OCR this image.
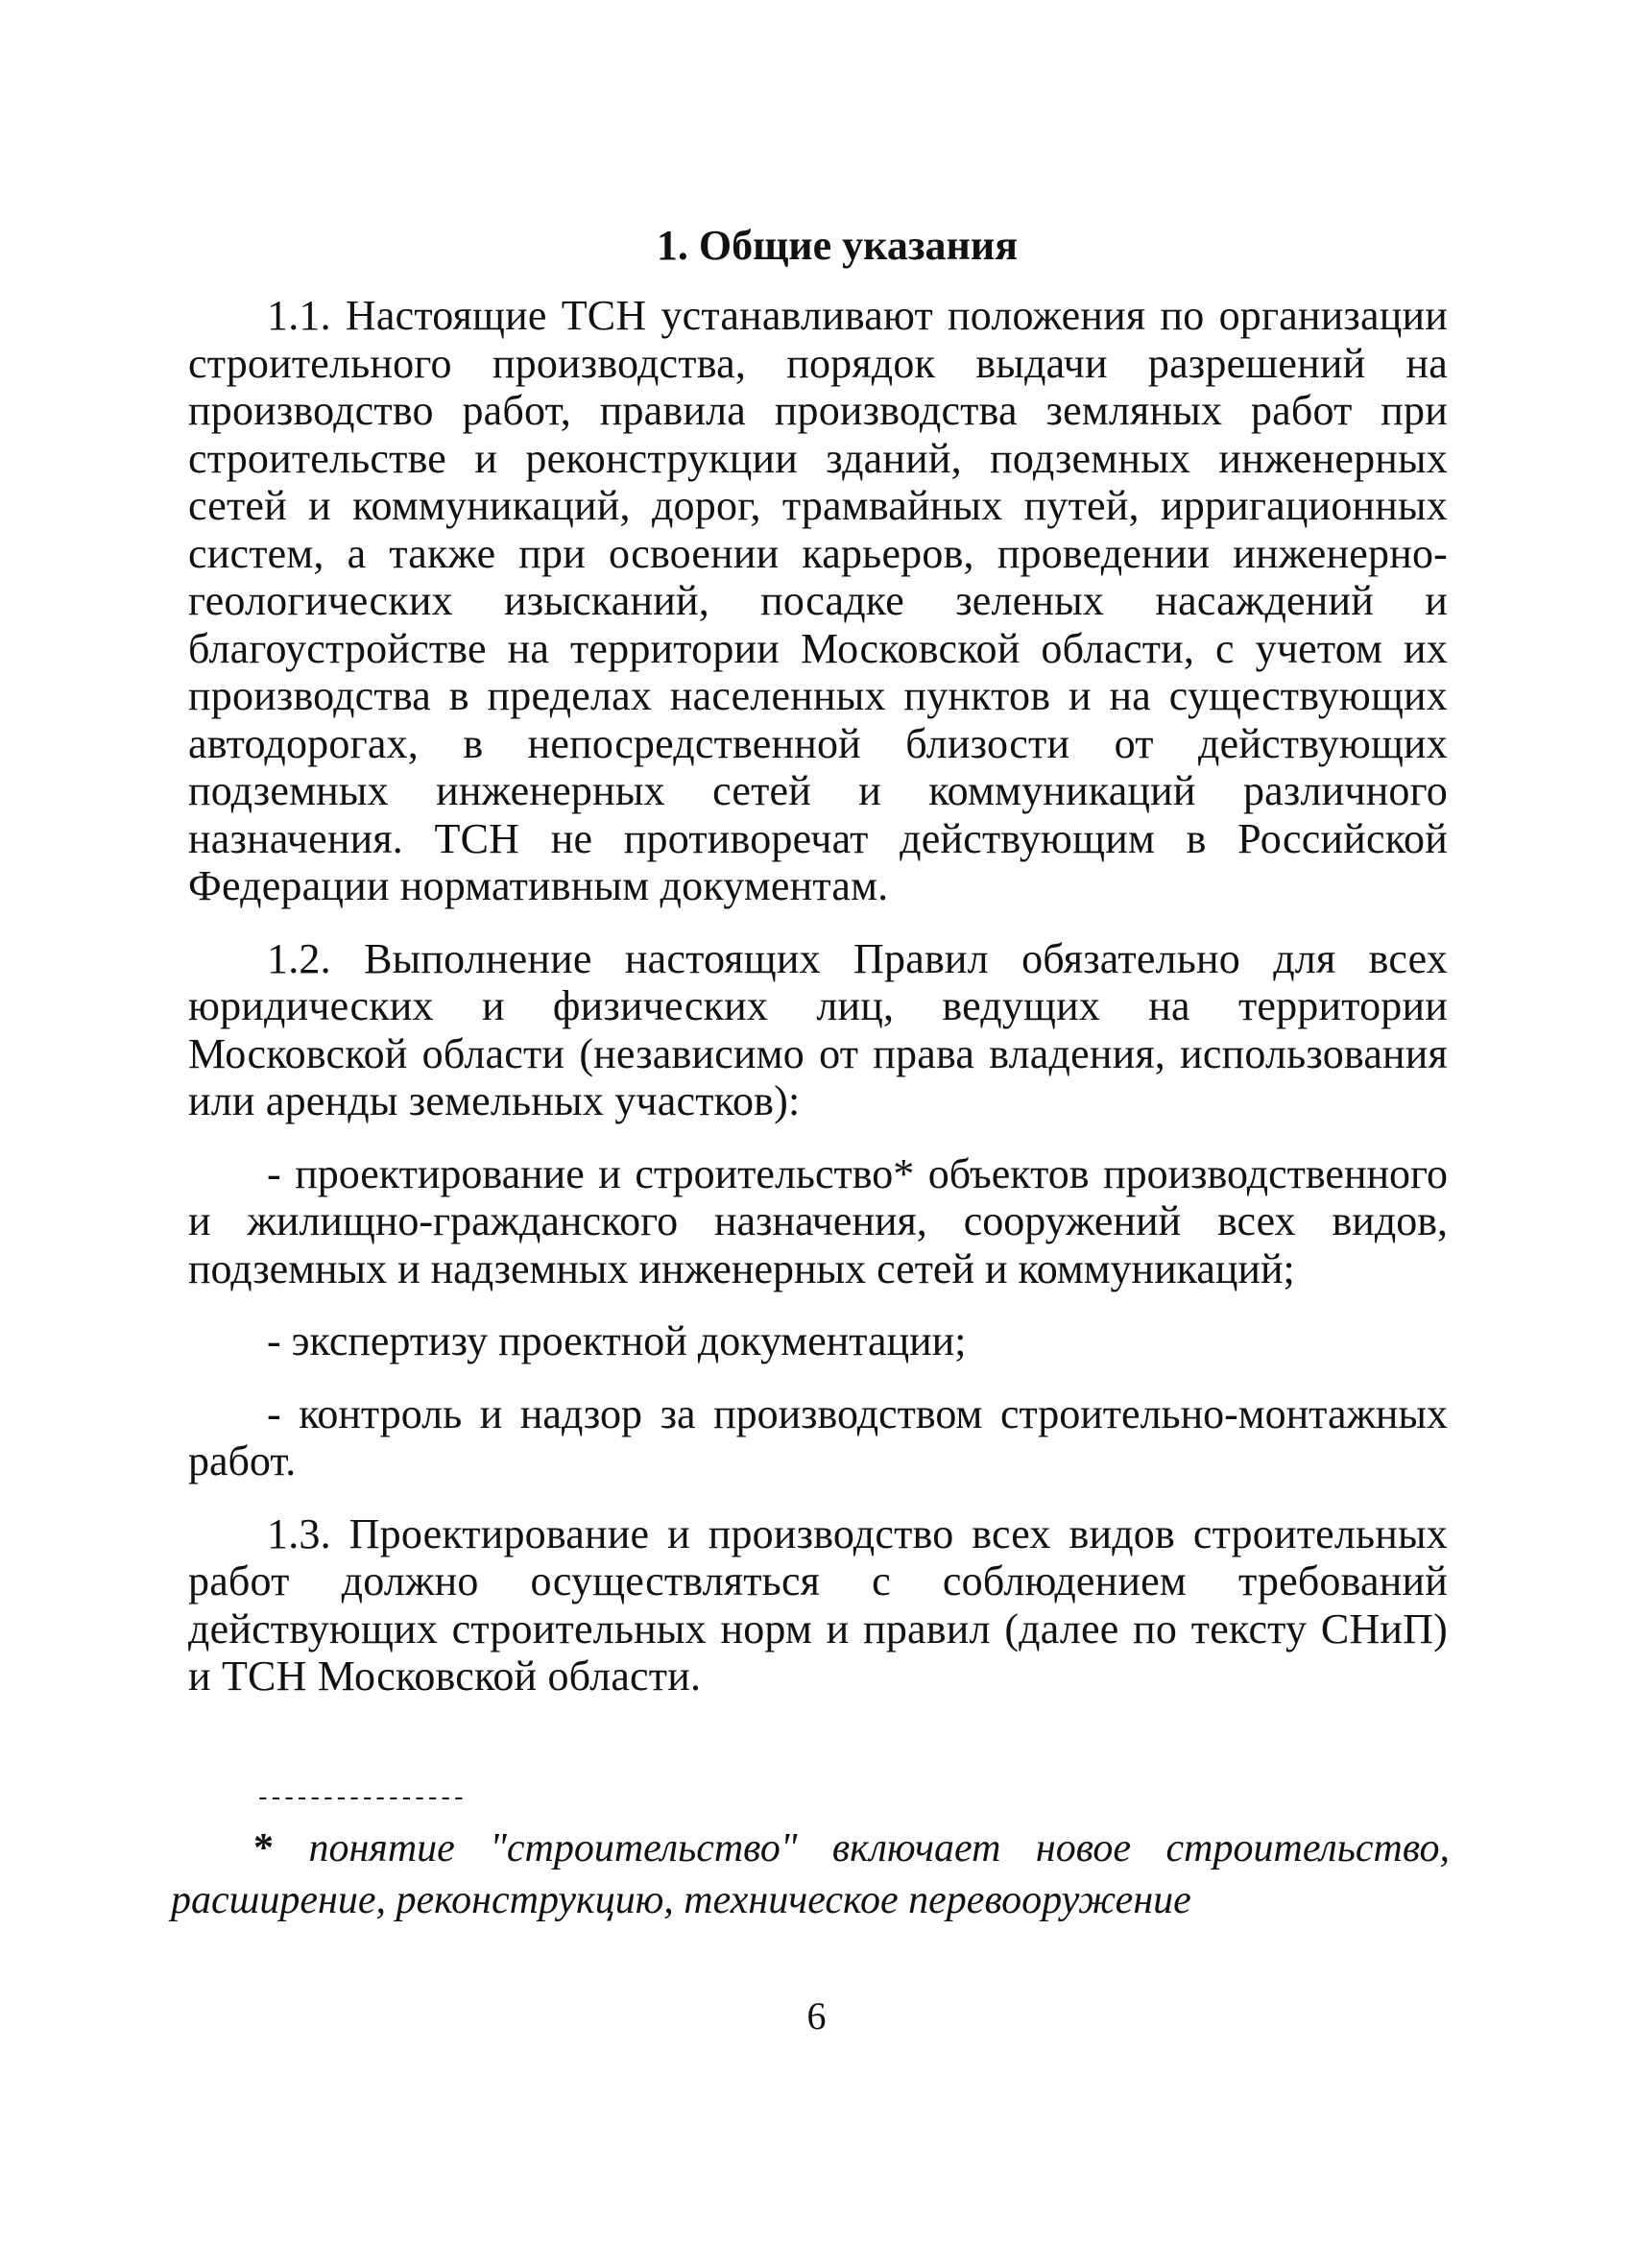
1. Общие указания

1.1. Настоящие ТСН устанавливают положения по организации строительного производства, порядок выдачи разрешений на производство работ, правила производства земляных работ при строительстве и реконструкции зданий, подземных инженерных сетей и коммуникаций, дорог, трамвайных путей, ирригационных систем, а также при освоении карьеров, проведении инженерно-геологических изысканий, посадке зеленых насаждений и благоустройстве на территории Московской области, с учетом их производства в пределах населенных пунктов и на существующих автодорогах, в непосредственной близости от действующих подземных инженерных сетей и коммуникаций различного назначения. ТСН не противоречат действующим в Российской Федерации нормативным документам.

1.2. Выполнение настоящих Правил обязательно для всех юридических и физических лиц, ведущих на территории Московской области (независимо от права владения, использования или аренды земельных участков):

- проектирование и строительство* объектов производственного и жилищно-гражданского назначения, сооружений всех видов, подземных и надземных инженерных сетей и коммуникаций;

- экспертизу проектной документации;

- контроль и надзор за производством строительно-монтажных работ.

1.3. Проектирование и производство всех видов строительных работ должно осуществляться с соблюдением требований действующих строительных норм и правил (далее по тексту СНиП) и ТСН Московской области.

----------------
* понятие "строительство" включает новое строительство, расширение, реконструкцию, техническое перевооружение
6
